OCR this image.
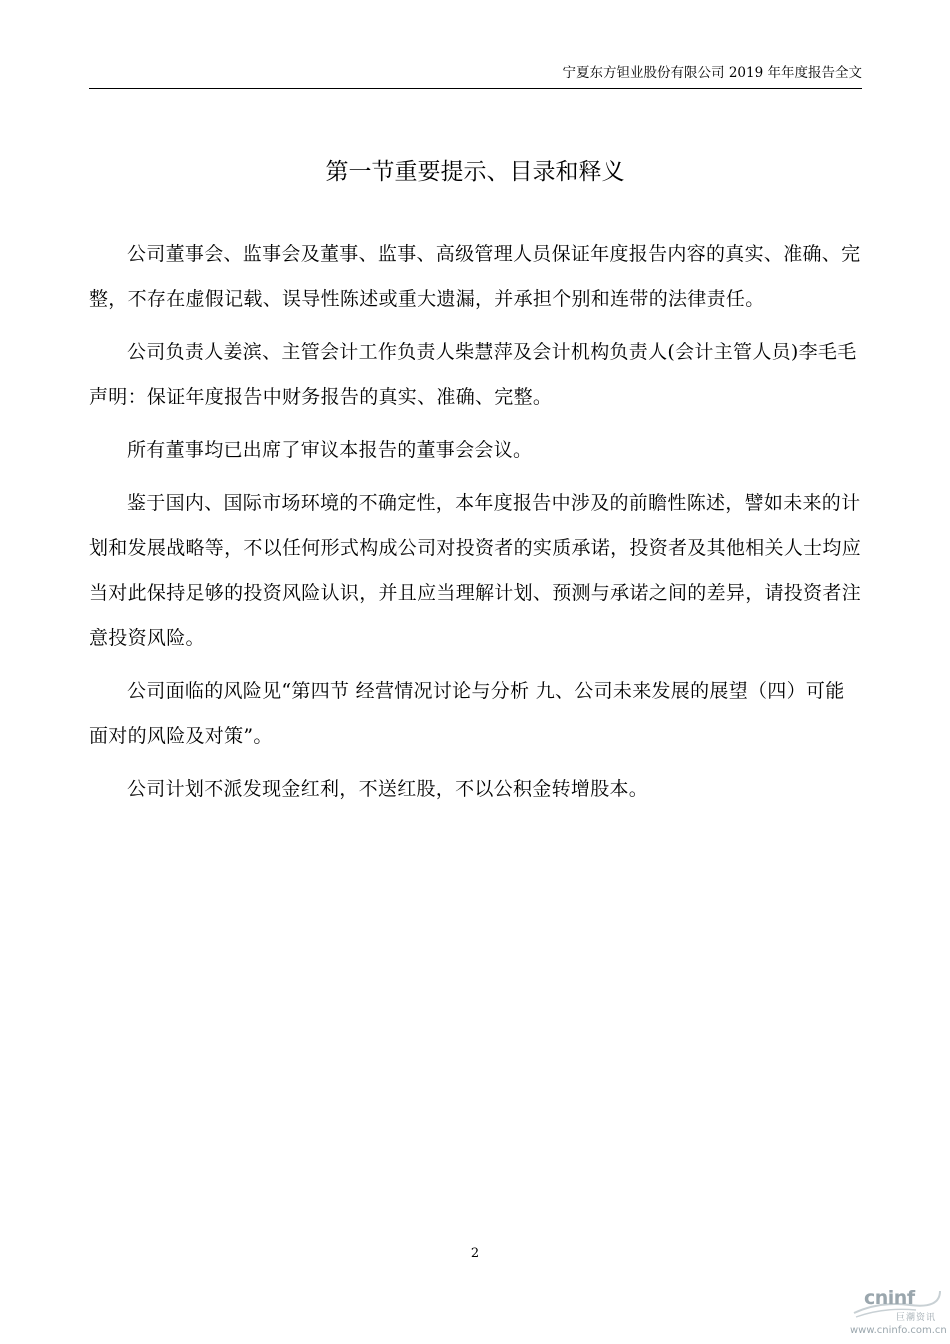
宁夏东方钽业股份有限公司 2019 年年度报告全文
第一节重要提示、目录和释义

公司董事会、监事会及董事、监事、高级管理人员保证年度报告内容的真实、准确、完整，不存在虚假记载、误导性陈述或重大遗漏，并承担个别和连带的法律责任。

公司负责人姜滨、主管会计工作负责人柴慧萍及会计机构负责人(会计主管人员)李毛毛声明：保证年度报告中财务报告的真实、准确、完整。

所有董事均已出席了审议本报告的董事会会议。

鉴于国内、国际市场环境的不确定性，本年度报告中涉及的前瞻性陈述，譬如未来的计划和发展战略等，不以任何形式构成公司对投资者的实质承诺，投资者及其他相关人士均应当对此保持足够的投资风险认识，并且应当理解计划、预测与承诺之间的差异，请投资者注意投资风险。

公司面临的风险见“第四节 经营情况讨论与分析 九、公司未来发展的展望（四）可能面对的风险及对策”。

公司计划不派发现金红利，不送红股，不以公积金转增股本。

2
cninf
巨潮资讯
www.cninfo.com.cn
